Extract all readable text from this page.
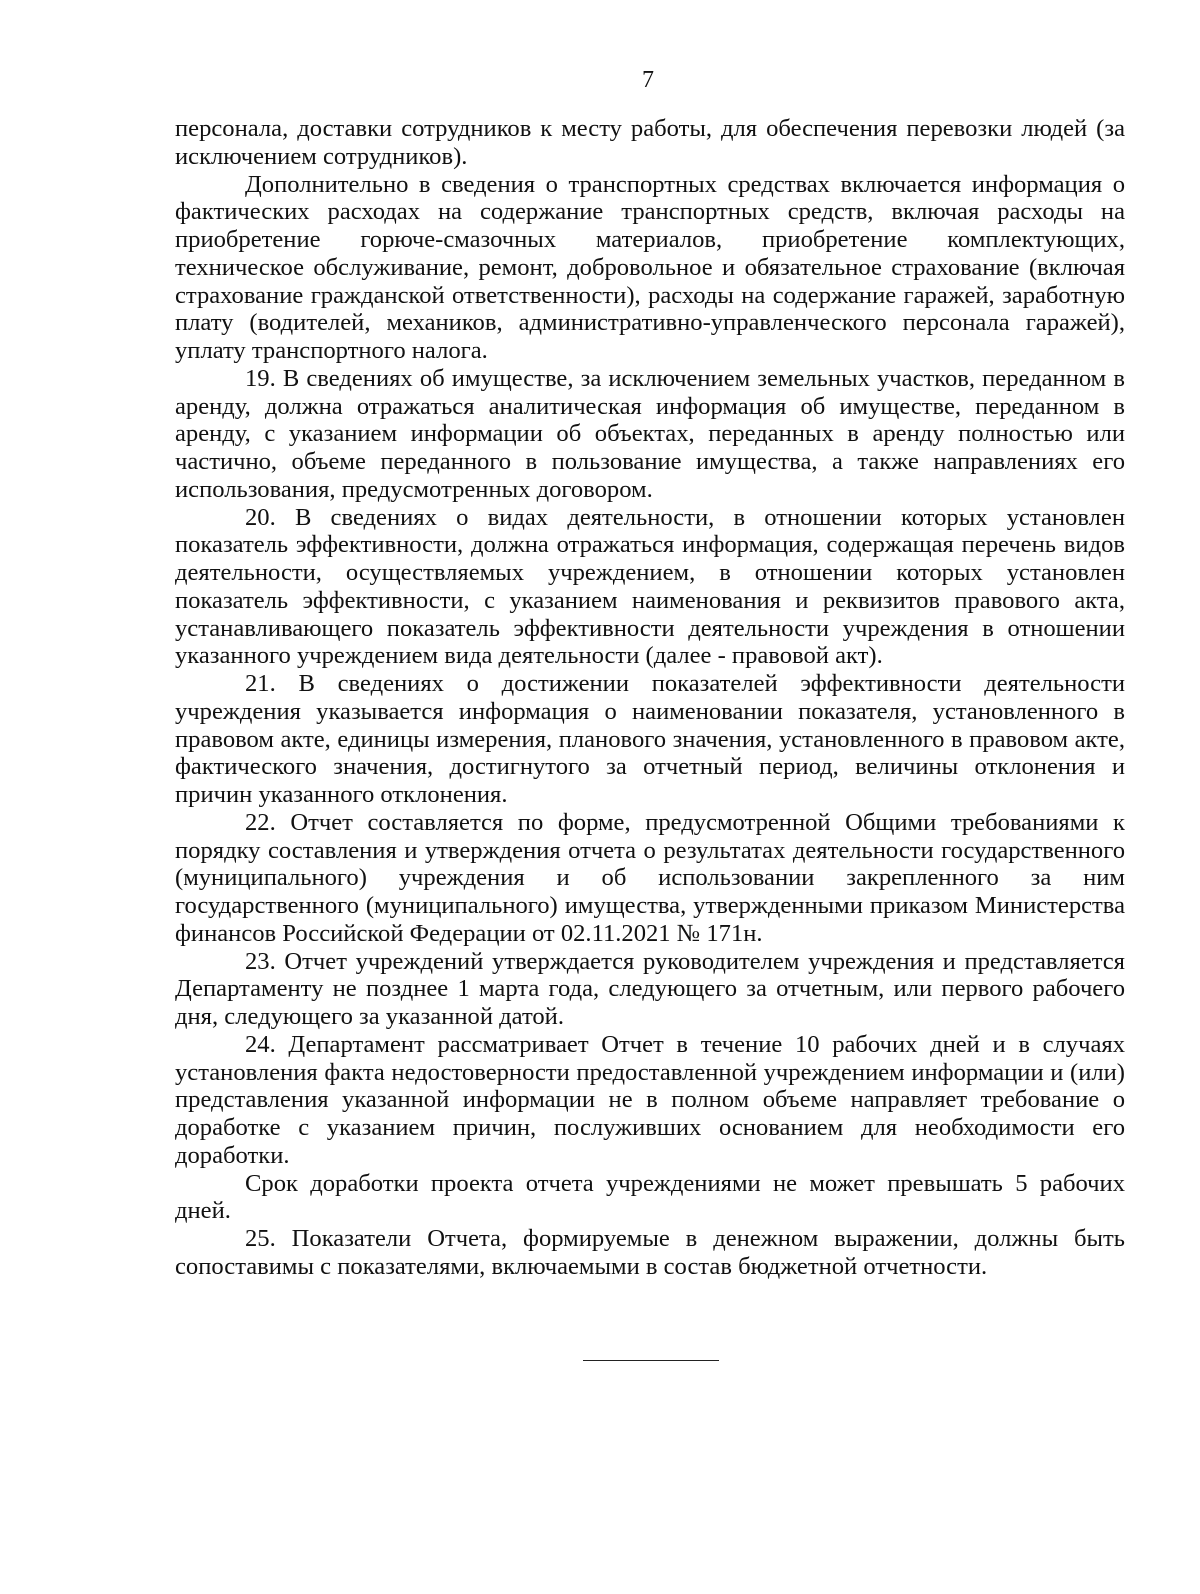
7

персонала, доставки сотрудников к месту работы, для обеспечения перевозки людей (за исключением сотрудников).

Дополнительно в сведения о транспортных средствах включается информация о фактических расходах на содержание транспортных средств, включая расходы на приобретение горюче-смазочных материалов, приобретение комплектующих, техническое обслуживание, ремонт, добровольное и обязательное страхование (включая страхование гражданской ответственности), расходы на содержание гаражей, заработную плату (водителей, механиков, административно-управленческого персонала гаражей), уплату транспортного налога.

19. В сведениях об имуществе, за исключением земельных участков, переданном в аренду, должна отражаться аналитическая информация об имуществе, переданном в аренду, с указанием информации об объектах, переданных в аренду полностью или частично, объеме переданного в пользование имущества, а также направлениях его использования, предусмотренных договором.

20. В сведениях о видах деятельности, в отношении которых установлен показатель эффективности, должна отражаться информация, содержащая перечень видов деятельности, осуществляемых учреждением, в отношении которых установлен показатель эффективности, с указанием наименования и реквизитов правового акта, устанавливающего показатель эффективности деятельности учреждения в отношении указанного учреждением вида деятельности (далее - правовой акт).

21. В сведениях о достижении показателей эффективности деятельности учреждения указывается информация о наименовании показателя, установленного в правовом акте, единицы измерения, планового значения, установленного в правовом акте, фактического значения, достигнутого за отчетный период, величины отклонения и причин указанного отклонения.

22. Отчет составляется по форме, предусмотренной Общими требованиями к порядку составления и утверждения отчета о результатах деятельности государственного (муниципального) учреждения и об использовании закрепленного за ним государственного (муниципального) имущества, утвержденными приказом Министерства финансов Российской Федерации от 02.11.2021 № 171н.

23. Отчет учреждений утверждается руководителем учреждения и представляется Департаменту не позднее 1 марта года, следующего за отчетным, или первого рабочего дня, следующего за указанной датой.

24. Департамент рассматривает Отчет в течение 10 рабочих дней и в случаях установления факта недостоверности предоставленной учреждением информации и (или) представления указанной информации не в полном объеме направляет требование о доработке с указанием причин, послуживших основанием для необходимости его доработки.

Срок доработки проекта отчета учреждениями не может превышать 5 рабочих дней.

25. Показатели Отчета, формируемые в денежном выражении, должны быть сопоставимы с показателями, включаемыми в состав бюджетной отчетности.
